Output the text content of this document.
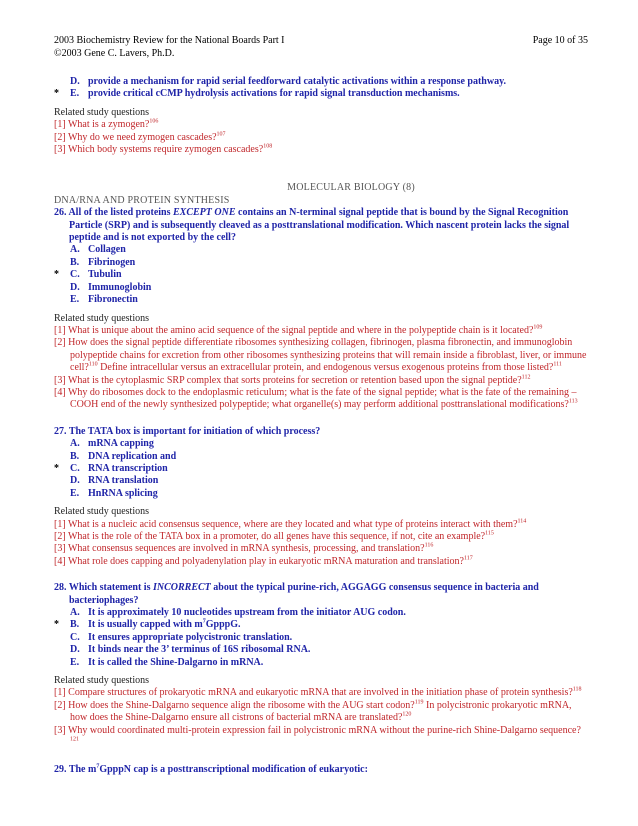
2003 Biochemistry Review for the National Boards Part I	Page 10 of 35
©2003 Gene C. Lavers, Ph.D.
D. provide a mechanism for rapid serial feedforward catalytic activations within a response pathway.
*	E. provide critical cCMP hydrolysis activations for rapid signal transduction mechanisms.
Related study questions
[1] What is a zymogen?$^{106}$
[2] Why do we need zymogen cascades?$^{107}$
[3] Which body systems require zymogen cascades?$^{108}$
MOLECULAR BIOLOGY (8)
DNA/RNA AND PROTEIN SYNTHESIS
26. All of the listed proteins EXCEPT ONE contains an N-terminal signal peptide that is bound by the Signal Recognition Particle (SRP) and is subsequently cleaved as a posttranslational modification. Which nascent protein lacks the signal peptide and is not exported by the cell?
A. Collagen
B. Fibrinogen
*	C. Tubulin
D. Immunoglobin
E. Fibronectin
Related study questions
[1] What is unique about the amino acid sequence of the signal peptide and where in the polypeptide chain is it located?$^{109}$
[2] How does the signal peptide differentiate ribosomes synthesizing collagen, fibrinogen, plasma fibronectin, and immunoglobin polypeptide chains for excretion from other ribosomes synthesizing proteins that will remain inside a fibroblast, liver, or immune cell?$^{110}$ Define intracellular versus an extracellular protein, and endogenous versus exogenous proteins from those listed?$^{111}$
[3] What is the cytoplasmic SRP complex that sorts proteins for secretion or retention based upon the signal peptide?$^{112}$
[4] Why do ribosomes dock to the endoplasmic reticulum; what is the fate of the signal peptide; what is the fate of the remaining –COOH end of the newly synthesized polypeptide; what organelle(s) may perform additional posttranslational modifications?$^{113}$
27. The TATA box is important for initiation of which process?
A. mRNA capping
B. DNA replication and
*	C. RNA transcription
D. RNA translation
E. HnRNA splicing
Related study questions
[1] What is a nucleic acid consensus sequence, where are they located and what type of proteins interact with them?$^{114}$
[2] What is the role of the TATA box in a promoter, do all genes have this sequence, if not, cite an example?$^{115}$
[3] What consensus sequences are involved in mRNA synthesis, processing, and translation?$^{116}$
[4] What role does capping and polyadenylation play in eukaryotic mRNA maturation and translation?$^{117}$
28. Which statement is INCORRECT about the typical purine-rich, AGGAGG consensus sequence in bacteria and bacteriophages?
A. It is approximately 10 nucleotides upstream from the initiator AUG codon.
*	B. It is usually capped with $m^7GpppG$.
C. It ensures appropriate polycistronic translation.
D. It binds near the 3’ terminus of 16S ribosomal RNA.
E. It is called the Shine-Dalgarno in mRNA.
Related study questions
[1] Compare structures of prokaryotic mRNA and eukaryotic mRNA that are involved in the initiation phase of protein synthesis?$^{118}$
[2] How does the Shine-Dalgarno sequence align the ribosome with the AUG start codon?$^{119}$ In polycistronic prokaryotic mRNA, how does the Shine-Dalgarno ensure all cistrons of bacterial mRNA are translated?$^{120}$
[3] Why would coordinated multi-protein expression fail in polycistronic mRNA without the purine-rich Shine-Dalgarno sequence?$^{121}$
29. The $m^7GpppN$ cap is a posttranscriptional modification of eukaryotic:
